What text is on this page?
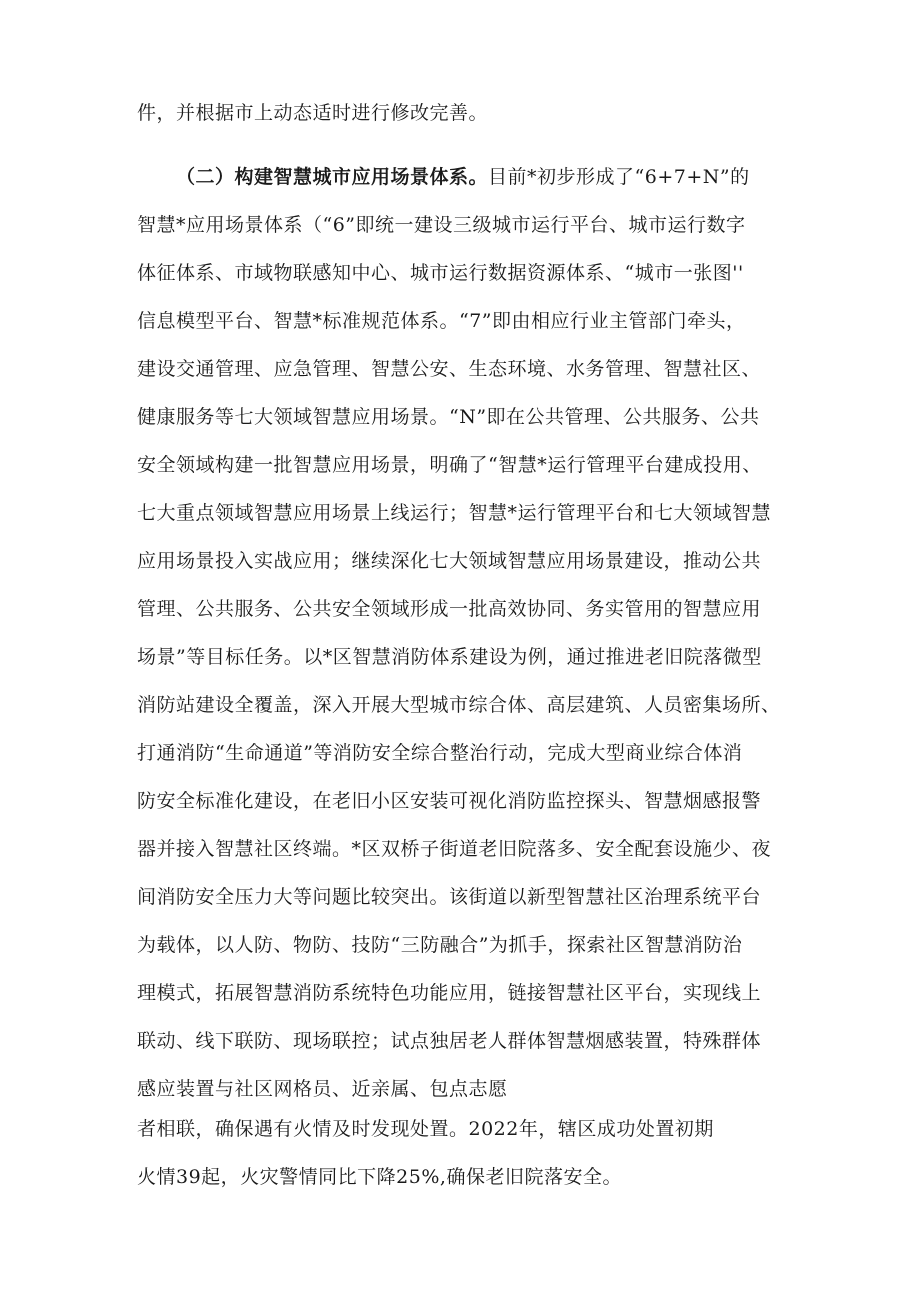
件，并根据市上动态适时进行修改完善。
（二）构建智慧城市应用场景体系。目前*初步形成了“6+7+N”的
智慧*应用场景体系（“6”即统一建设三级城市运行平台、城市运行数字
体征体系、市域物联感知中心、城市运行数据资源体系、“城市一张图''
信息模型平台、智慧*标准规范体系。“7”即由相应行业主管部门牵头，
建设交通管理、应急管理、智慧公安、生态环境、水务管理、智慧社区、
健康服务等七大领域智慧应用场景。“N”即在公共管理、公共服务、公共
安全领域构建一批智慧应用场景，明确了“智慧*运行管理平台建成投用、
七大重点领域智慧应用场景上线运行；智慧*运行管理平台和七大领域智慧
应用场景投入实战应用；继续深化七大领域智慧应用场景建设，推动公共
管理、公共服务、公共安全领域形成一批高效协同、务实管用的智慧应用
场景”等目标任务。以*区智慧消防体系建设为例，通过推进老旧院落微型
消防站建设全覆盖，深入开展大型城市综合体、高层建筑、人员密集场所、
打通消防“生命通道”等消防安全综合整治行动，完成大型商业综合体消
防安全标准化建设，在老旧小区安装可视化消防监控探头、智慧烟感报警
器并接入智慧社区终端。*区双桥子街道老旧院落多、安全配套设施少、夜
间消防安全压力大等问题比较突出。该街道以新型智慧社区治理系统平台
为载体，以人防、物防、技防“三防融合”为抓手，探索社区智慧消防治
理模式，拓展智慧消防系统特色功能应用，链接智慧社区平台，实现线上
联动、线下联防、现场联控；试点独居老人群体智慧烟感装置，特殊群体
感应装置与社区网格员、近亲属、包点志愿
者相联，确保遇有火情及时发现处置。2022年，辖区成功处置初期
火情39起，火灾警情同比下降25%,确保老旧院落安全。
